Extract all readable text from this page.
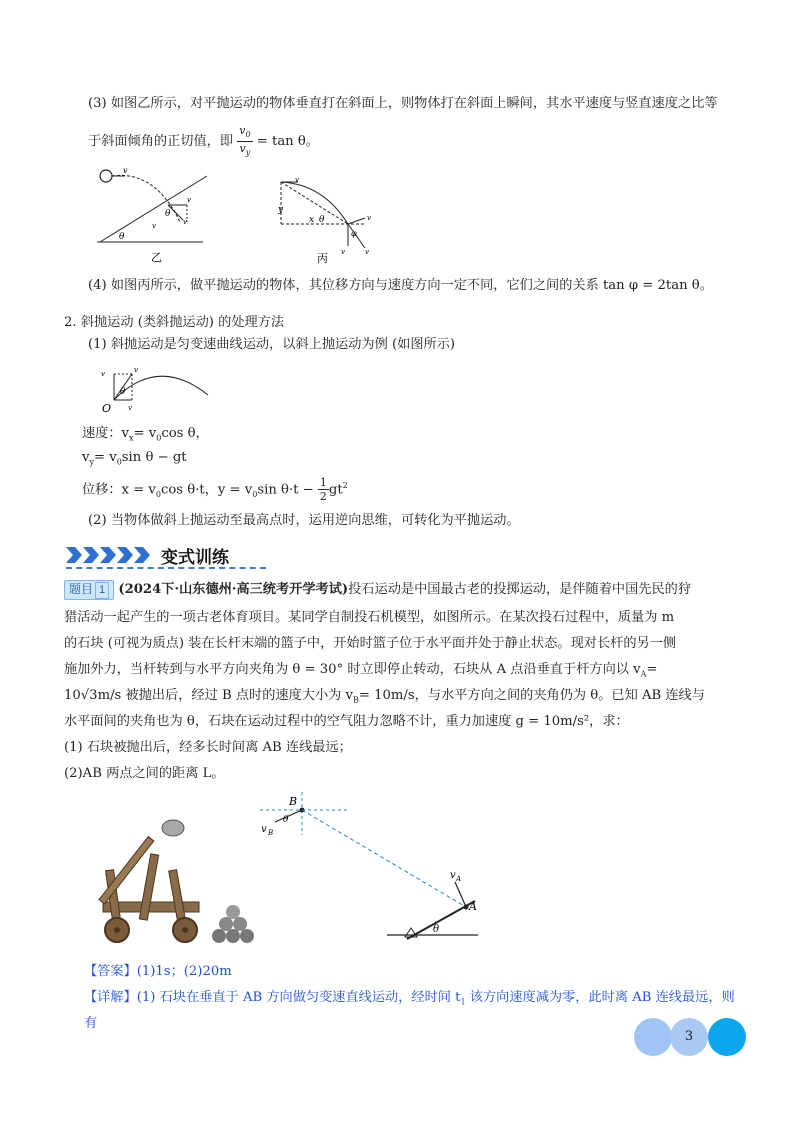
(3) 如图乙所示，对平抛运动的物体垂直打在斜面上，则物体打在斜面上瞬间，其水平速度与竖直速度之比等
于斜面倾角的正切值，即 $\frac{v_0}{v_y} = \tan \theta$。
v
v
θ
v	v
θ
乙
v
y
x θ
φ
v
v	v
丙
(4) 如图丙所示，做平抛运动的物体，其位移方向与速度方向一定不同，它们之间的关系 tan φ = 2tan θ。
2. 斜抛运动 (类斜抛运动) 的处理方法
(1) 斜抛运动是匀变速曲线运动，以斜上抛运动为例 (如图所示)
v	v
θ
O v
速度：$v_x= v_0\cos$ θ，
$v_y= v_0\sin$ θ − gt
位移：$x = v_0\cos$ θ·t，$y = v_0\sin$ $\theta\cdot t - \frac{1}{2} gt^2$
(2) 当物体做斜上抛运动至最高点时，运用逆向思维，可转化为平抛运动。
变式训练
题目 1 (2024下·山东德州·高三统考开学考试)投石运动是中国最古老的投掷运动，是伴随着中国先民的狩
猎活动一起产生的一项古老体育项目。某同学自制投石机模型，如图所示。在某次投石过程中，质量为 m
的石块 (可视为质点) 装在长杆末端的篮子中，开始时篮子位于水平面并处于静止状态。现对长杆的另一侧
施加外力，当杆转到与水平方向夹角为 θ = 30° 时立即停止转动，石块从 A 点沿垂直于杆方向以 $v_A=$
10√3m/s 被抛出后，经过 B 点时的速度大小为 $v_B= 10m/s$，与水平方向之间的夹角仍为 θ。已知 AB 连线与
水平面间的夹角也为 θ，石块在运动过程中的空气阻力忽略不计，重力加速度 g = 10m/s²，求：
(1) 石块被抛出后，经多长时间离 AB 连线最远；
(2)AB 两点之间的距离 L。
B
θ
v B
v A
A
θ
【答案】(1)1s；(2)20m
【详解】(1) 石块在垂直于 AB 方向做匀变速直线运动，经时间 $t_1$ 该方向速度减为零，此时离 AB 连线最远，则
有
3
